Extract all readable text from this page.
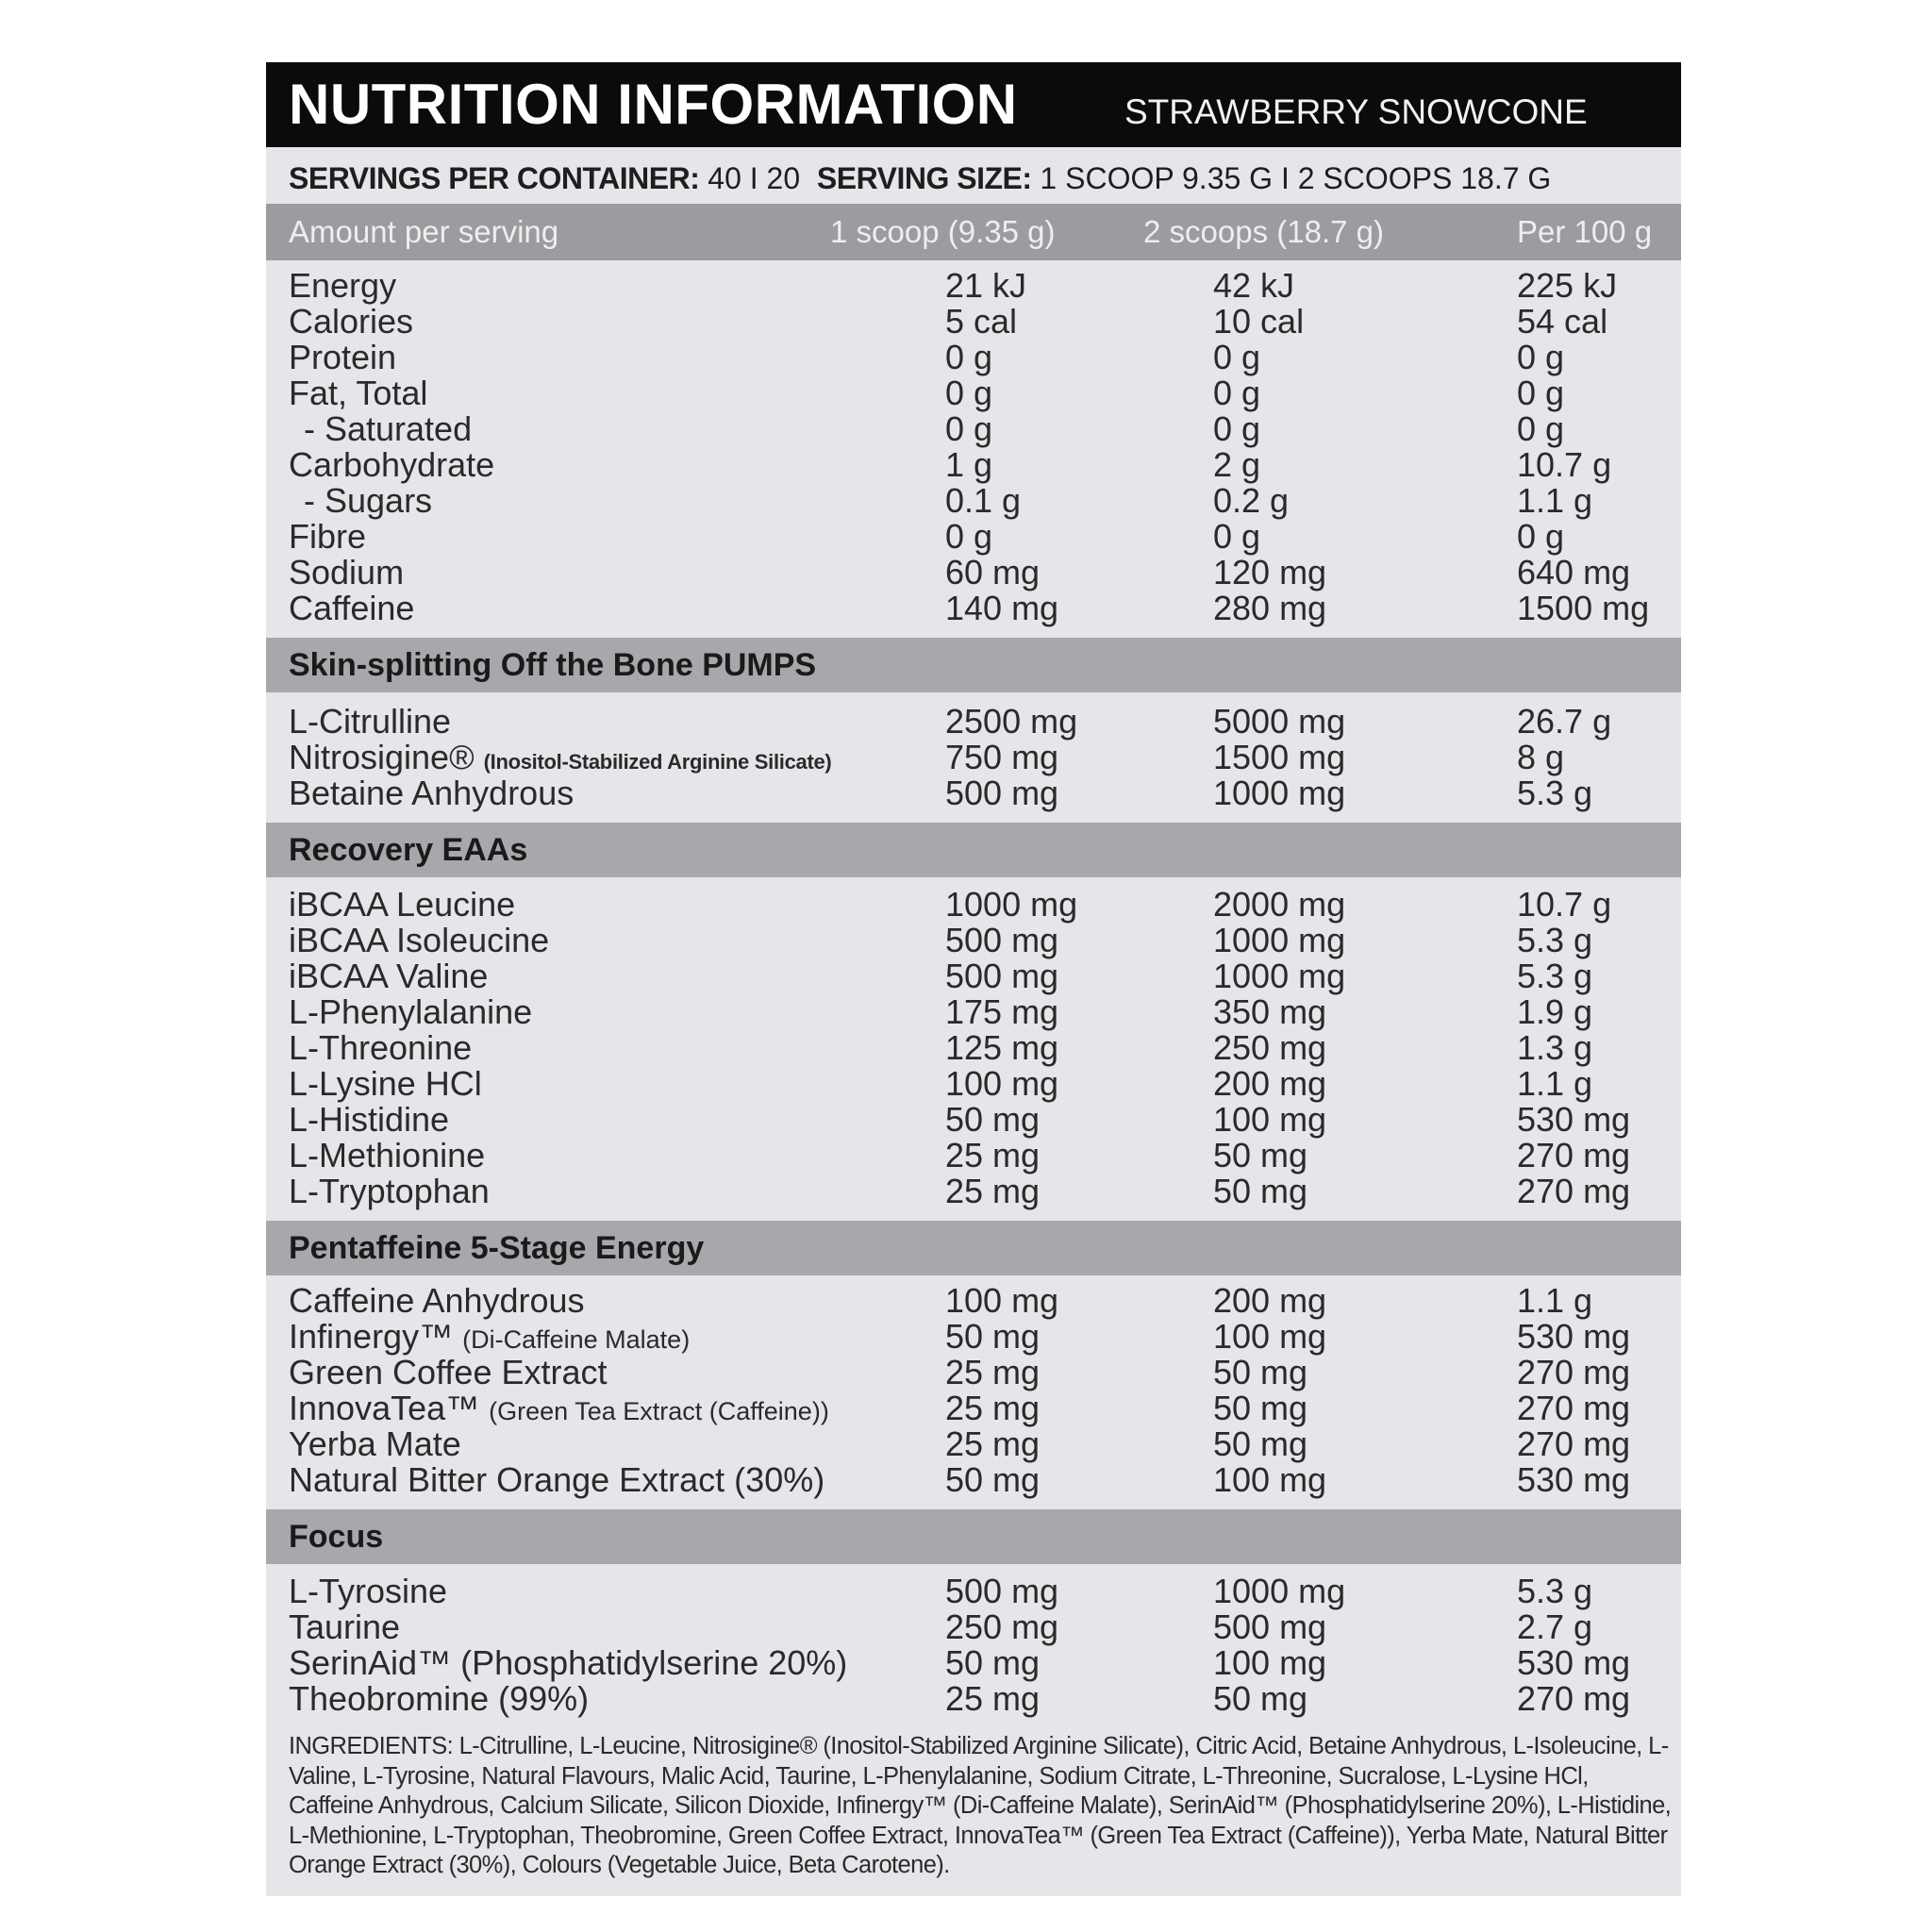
NUTRITION INFORMATION	STRAWBERRY SNOWCONE
SERVINGS PER CONTAINER: 40 I 20 SERVING SIZE: 1 SCOOP 9.35 G I 2 SCOOPS 18.7 G
Amount per serving	1 scoop (9.35 g)	2 scoops (18.7 g)	Per 100 g
Energy	21 kJ	42 kJ	225 kJ
Calories	5 cal	10 cal	54 cal
Protein	0 g	0 g	0 g
Fat, Total	0 g	0 g	0 g
- Saturated	0 g	0 g	0 g
Carbohydrate	1 g	2 g	10.7 g
- Sugars	0.1 g	0.2 g	1.1 g
Fibre	0 g	0 g	0 g
Sodium	60 mg	120 mg	640 mg
Caffeine	140 mg	280 mg	1500 mg
Skin-splitting Off the Bone PUMPS
L-Citrulline	2500 mg	5000 mg	26.7 g
Nitrosigine® (Inositol-Stabilized Arginine Silicate)	750 mg	1500 mg	8 g
Betaine Anhydrous	500 mg	1000 mg	5.3 g
Recovery EAAs
iBCAA Leucine	1000 mg	2000 mg	10.7 g
iBCAA Isoleucine	500 mg	1000 mg	5.3 g
iBCAA Valine	500 mg	1000 mg	5.3 g
L-Phenylalanine	175 mg	350 mg	1.9 g
L-Threonine	125 mg	250 mg	1.3 g
L-Lysine HCl	100 mg	200 mg	1.1 g
L-Histidine	50 mg	100 mg	530 mg
L-Methionine	25 mg	50 mg	270 mg
L-Tryptophan	25 mg	50 mg	270 mg
Pentaffeine 5-Stage Energy
Caffeine Anhydrous	100 mg	200 mg	1.1 g
Infinergy™ (Di-Caffeine Malate)	50 mg	100 mg	530 mg
Green Coffee Extract	25 mg	50 mg	270 mg
InnovaTea™ (Green Tea Extract (Caffeine))	25 mg	50 mg	270 mg
Yerba Mate	25 mg	50 mg	270 mg
Natural Bitter Orange Extract (30%)	50 mg	100 mg	530 mg
Focus
L-Tyrosine	500 mg	1000 mg	5.3 g
Taurine	250 mg	500 mg	2.7 g
SerinAid™ (Phosphatidylserine 20%)	50 mg	100 mg	530 mg
Theobromine (99%)	25 mg	50 mg	270 mg
INGREDIENTS: L-Citrulline, L-Leucine, Nitrosigine® (Inositol-Stabilized Arginine Silicate), Citric Acid, Betaine Anhydrous, L-Isoleucine, L-Valine, L-Tyrosine, Natural Flavours, Malic Acid, Taurine, L-Phenylalanine, Sodium Citrate, L-Threonine, Sucralose, L-Lysine HCl, Caffeine Anhydrous, Calcium Silicate, Silicon Dioxide, Infinergy™ (Di-Caffeine Malate), SerinAid™ (Phosphatidylserine 20%), L-Histidine, L-Methionine, L-Tryptophan, Theobromine, Green Coffee Extract, InnovaTea™ (Green Tea Extract (Caffeine)), Yerba Mate, Natural Bitter Orange Extract (30%), Colours (Vegetable Juice, Beta Carotene).
